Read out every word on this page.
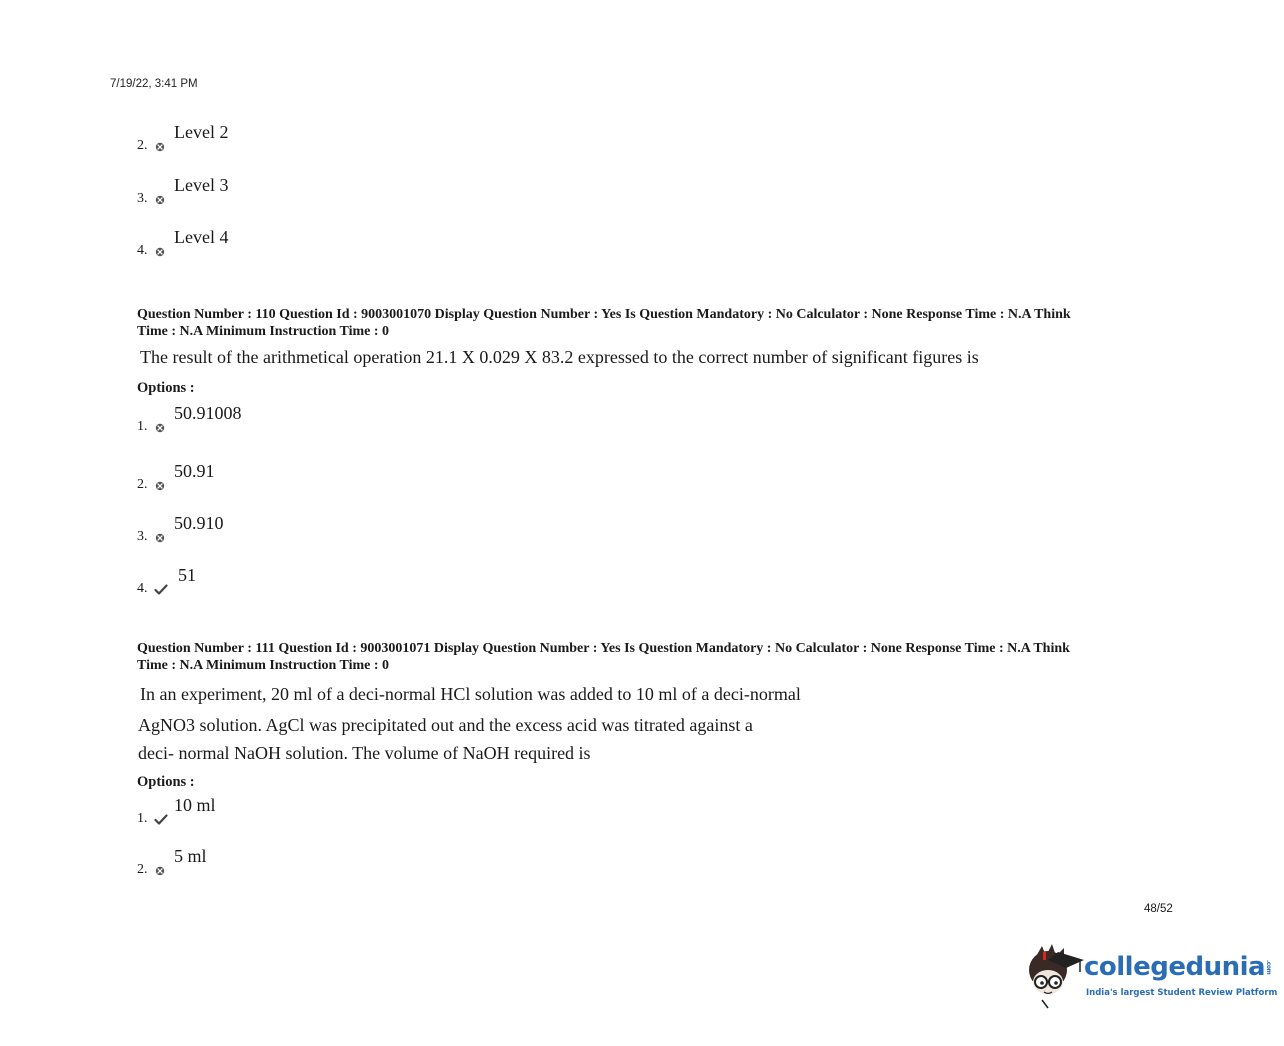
7/19/22, 3:41 PM
2.
Level 2
3.
Level 3
4.
Level 4
Question Number : 110 Question Id : 9003001070 Display Question Number : Yes Is Question Mandatory : No Calculator : None Response Time : N.A Think
Time : N.A Minimum Instruction Time : 0
The result of the arithmetical operation 21.1 X 0.029 X 83.2 expressed to the correct number of significant figures is
Options :
1.
50.91008
2.
50.91
3.
50.910
4.
51
Question Number : 111 Question Id : 9003001071 Display Question Number : Yes Is Question Mandatory : No Calculator : None Response Time : N.A Think
Time : N.A Minimum Instruction Time : 0
In an experiment, 20 ml of a deci-normal HCl solution was added to 10 ml of a deci-normal
AgNO3 solution. AgCl was precipitated out and the excess acid was titrated against a
deci- normal NaOH solution. The volume of NaOH required is
Options :
1.
10 ml
2.
5 ml
48/52
collegedunia.com
India's largest Student Review Platform
